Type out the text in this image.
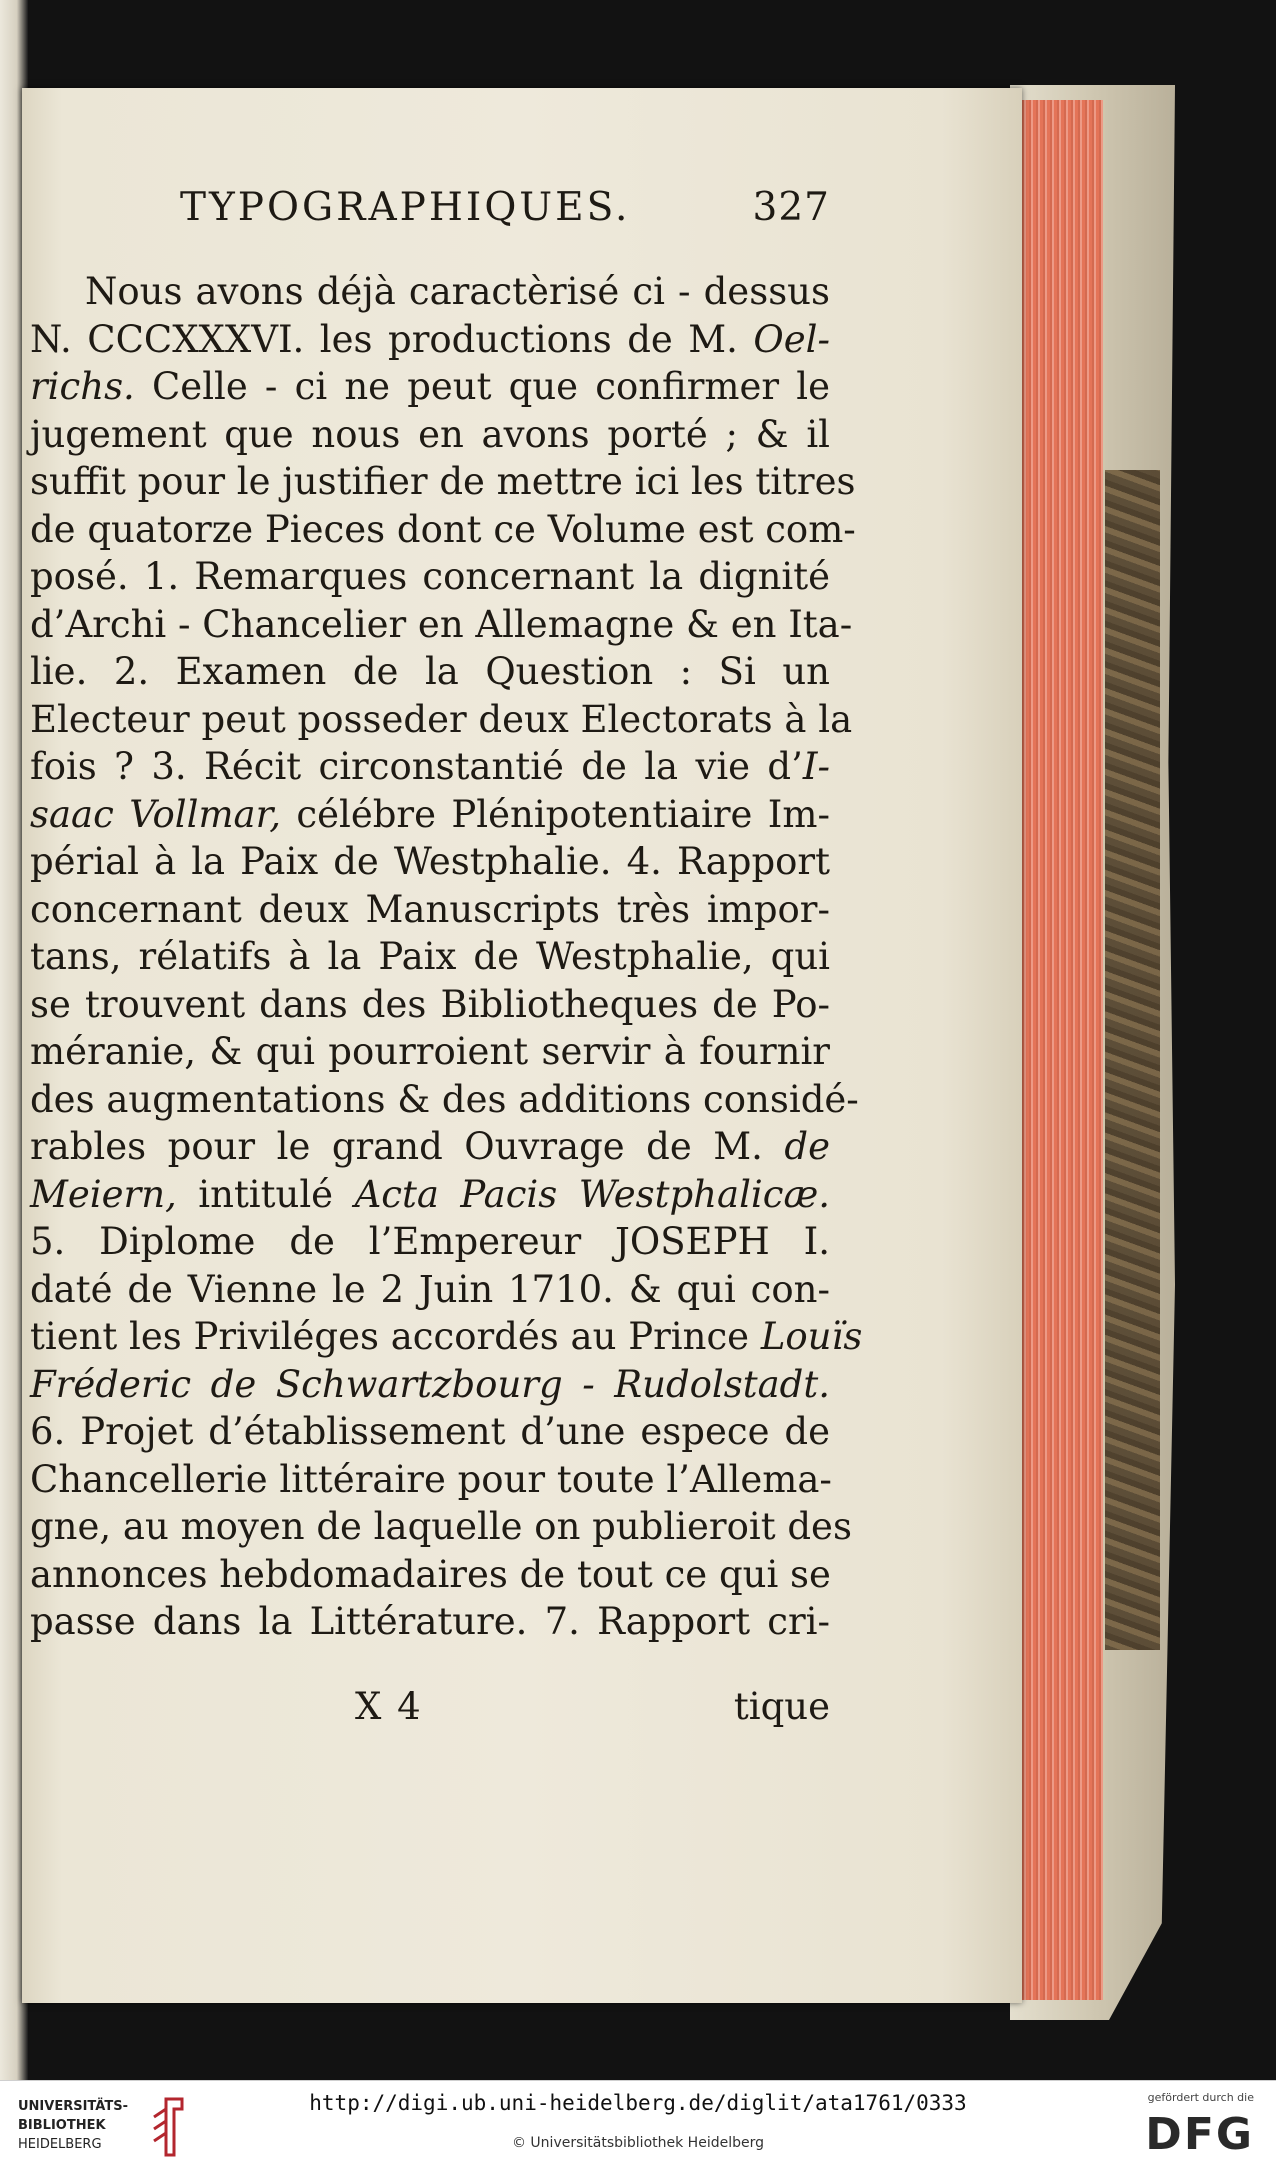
TYPOGRAPHIQUES.	327
Nous avons déjà caractèrisé ci - dessus
N. CCCXXXVI. les productions de M. Oel-
richs. Celle - ci ne peut que confirmer le
jugement que nous en avons porté ; & il
suffit pour le justifier de mettre ici les titres
de quatorze Pieces dont ce Volume est com-
posé. 1. Remarques concernant la dignité
d’Archi - Chancelier en Allemagne & en Ita-
lie. 2. Examen de la Question : Si un
Electeur peut posseder deux Electorats à la
fois ? 3. Récit circonstantié de la vie d’I-
saac Vollmar, célébre Plénipotentiaire Im-
périal à la Paix de Westphalie. 4. Rapport
concernant deux Manuscripts très impor-
tans, rélatifs à la Paix de Westphalie, qui
se trouvent dans des Bibliotheques de Po-
méranie, & qui pourroient servir à fournir
des augmentations & des additions considé-
rables pour le grand Ouvrage de M. de
Meiern, intitulé Acta Pacis Westphalicæ.
5. Diplome de l’Empereur JOSEPH I.
daté de Vienne le 2 Juin 1710. & qui con-
tient les Priviléges accordés au Prince Louïs
Fréderic de Schwartzbourg - Rudolstadt.
6. Projet d’établissement d’une espece de
Chancellerie littéraire pour toute l’Allema-
gne, au moyen de laquelle on publieroit des
annonces hebdomadaires de tout ce qui se
passe dans la Littérature. 7. Rapport cri-
X 4	tique
UNIVERSITÄTS-
BIBLIOTHEK
HEIDELBERG
http://digi.ub.uni-heidelberg.de/diglit/ata1761/0333
© Universitätsbibliothek Heidelberg
gefördert durch die
DFG
